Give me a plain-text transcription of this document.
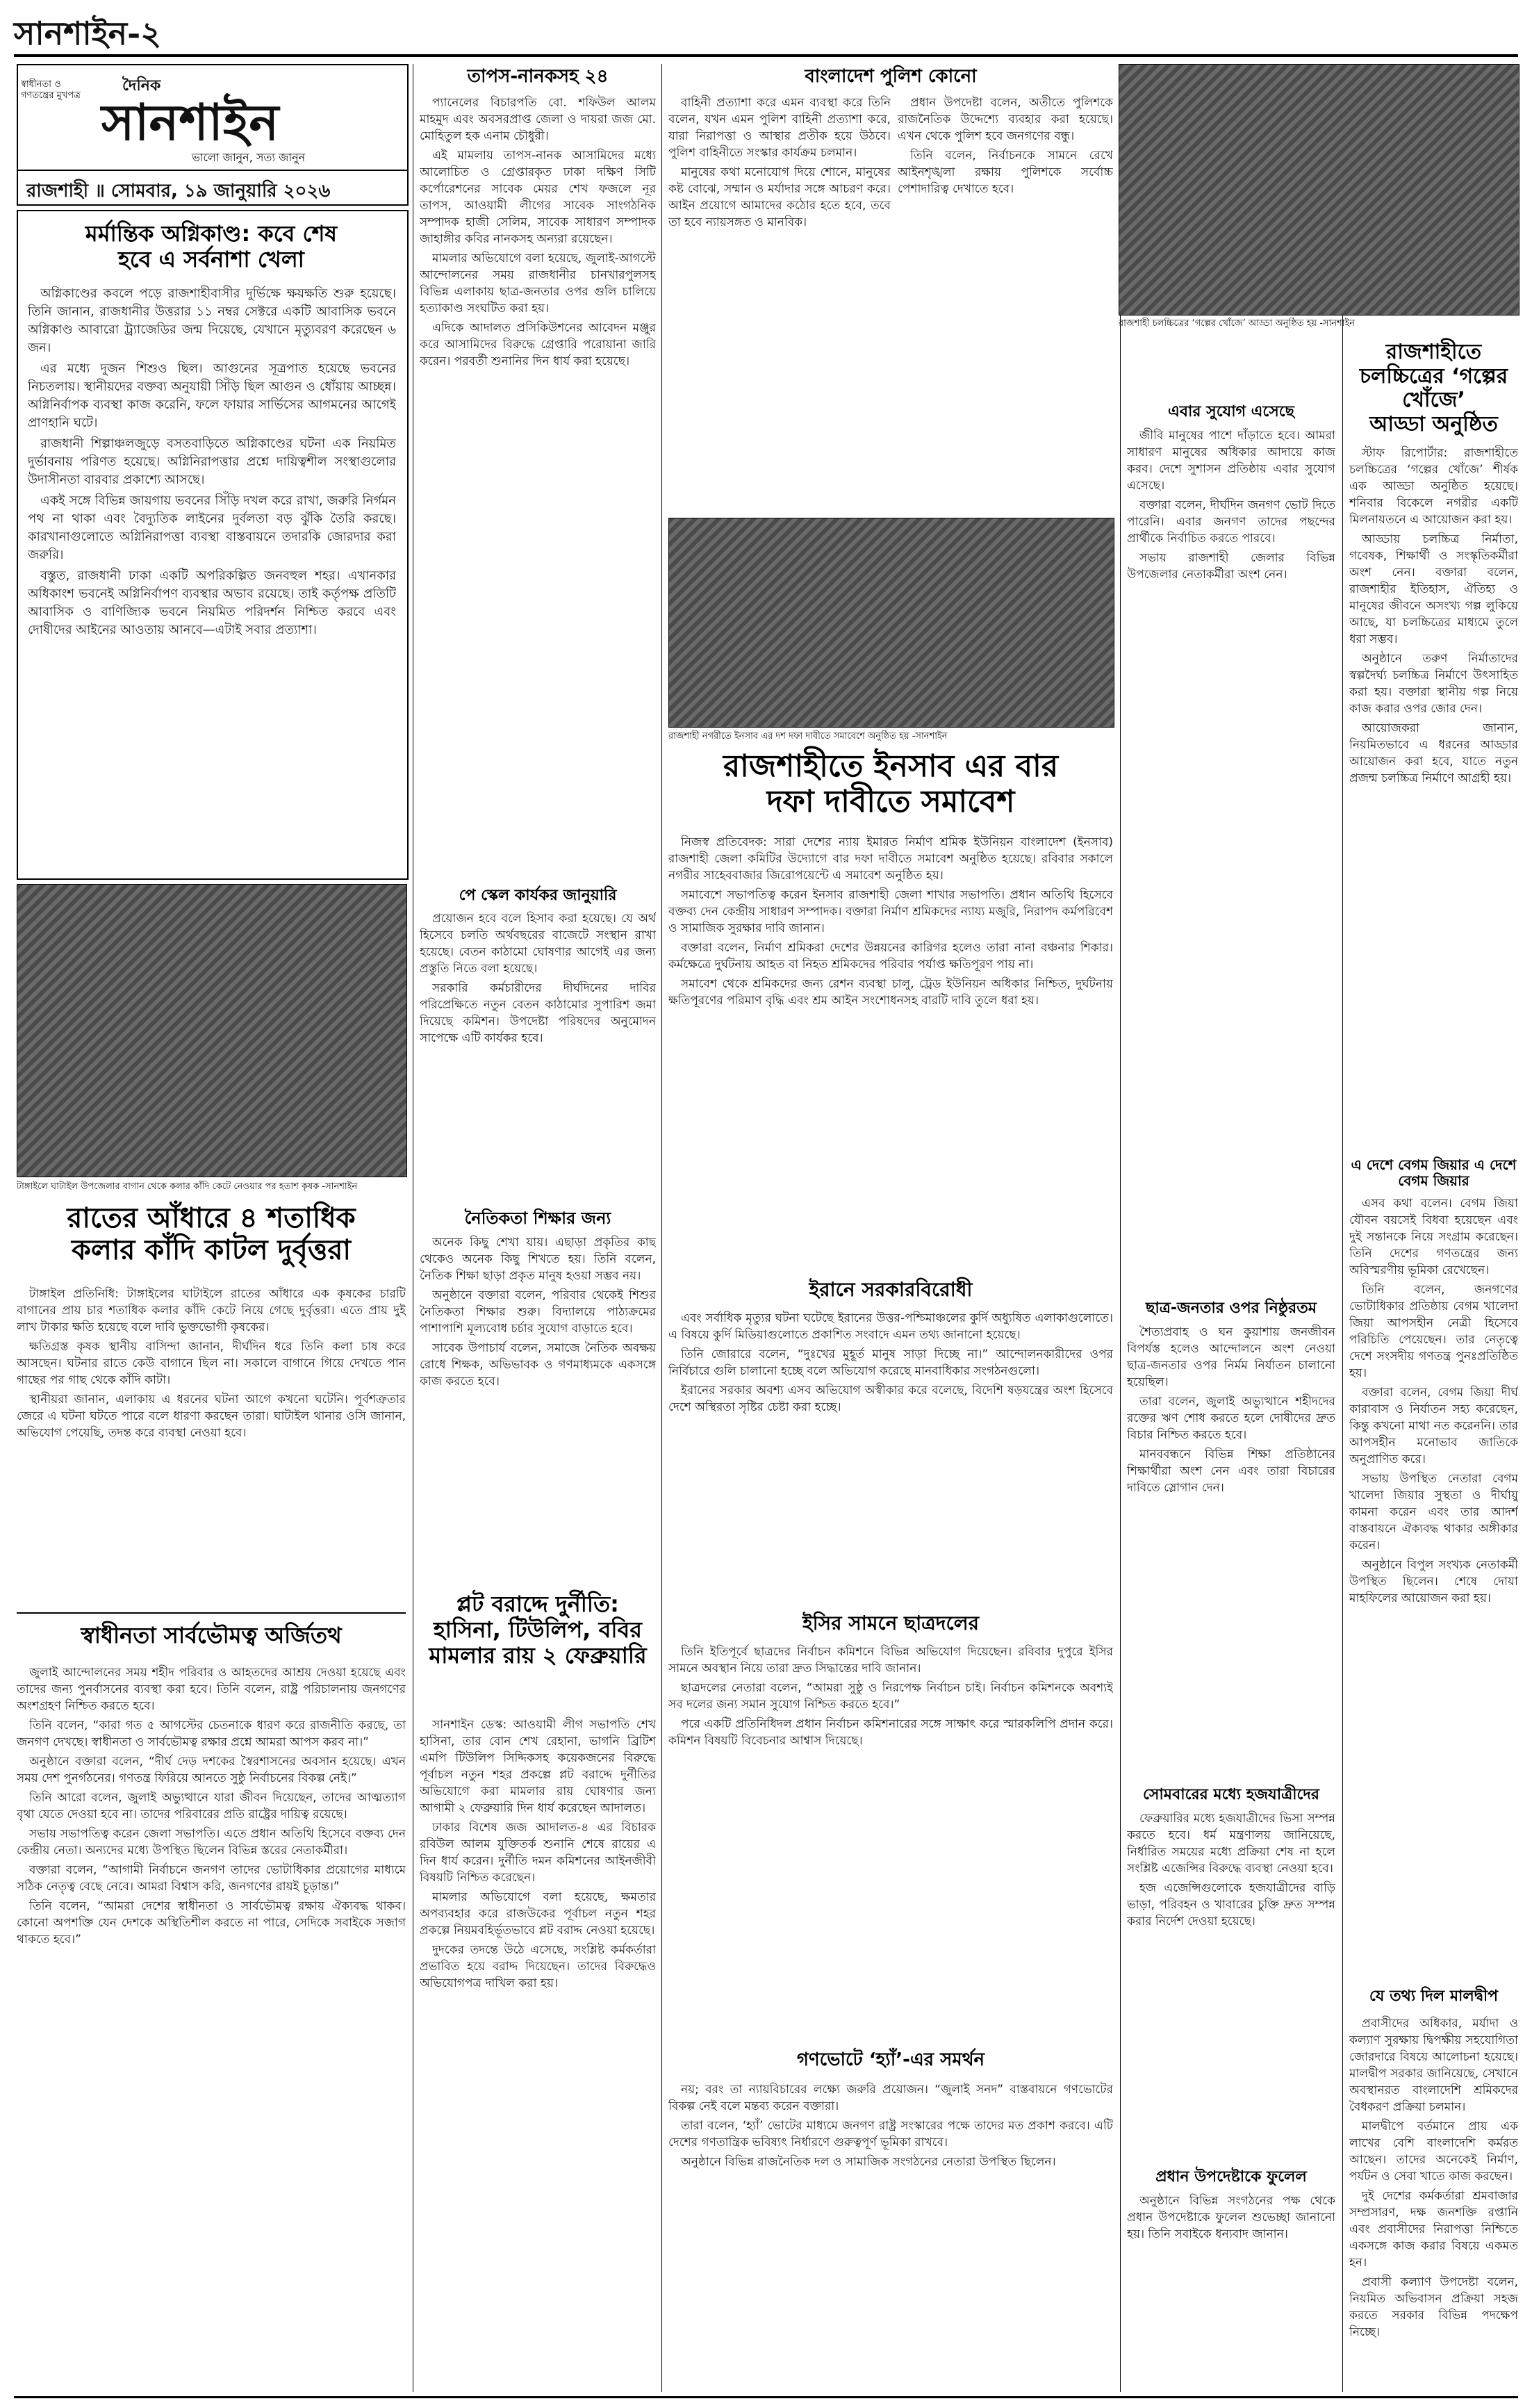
সানশাইন-২
স্বাধীনতা ও গণতন্ত্রের মুখপত্র
দৈনিক
সানশাইন
ভালো জানুন, সত্য জানুন
রাজশাহী ॥ সোমবার, ১৯ জানুয়ারি ২০২৬
মর্মান্তিক অগ্নিকাণ্ড: কবে শেষ
হবে এ সর্বনাশা খেলা

অগ্নিকাণ্ডের কবলে পড়ে রাজশাহীবাসীর দুর্ভিক্ষে ক্ষয়ক্ষতি শুরু হয়েছে। তিনি জানান, রাজধানীর উত্তরার ১১ নম্বর সেক্টরে একটি আবাসিক ভবনে অগ্নিকাণ্ড আবারো ট্র্যাজেডির জন্ম দিয়েছে, যেখানে মৃত্যুবরণ করেছেন ৬ জন।

এর মধ্যে দুজন শিশুও ছিল। আগুনের সূত্রপাত হয়েছে ভবনের নিচতলায়। স্থানীয়দের বক্তব্য অনুযায়ী সিঁড়ি ছিল আগুন ও ধোঁয়ায় আচ্ছন্ন। অগ্নিনির্বাপক ব্যবস্থা কাজ করেনি, ফলে ফায়ার সার্ভিসের আগমনের আগেই প্রাণহানি ঘটে।

রাজধানী শিল্পাঞ্চলজুড়ে বসতবাড়িতে অগ্নিকাণ্ডের ঘটনা এক নিয়মিত দুর্ভাবনায় পরিণত হয়েছে। অগ্নিনিরাপত্তার প্রশ্নে দায়িত্বশীল সংস্থাগুলোর উদাসীনতা বারবার প্রকাশ্যে আসছে।

একই সঙ্গে বিভিন্ন জায়গায় ভবনের সিঁড়ি দখল করে রাখা, জরুরি নির্গমন পথ না থাকা এবং বৈদ্যুতিক লাইনের দুর্বলতা বড় ঝুঁকি তৈরি করছে। কারখানাগুলোতে অগ্নিনিরাপত্তা ব্যবস্থা বাস্তবায়নে তদারকি জোরদার করা জরুরি।

বস্তুত, রাজধানী ঢাকা একটি অপরিকল্পিত জনবহুল শহর। এখানকার অধিকাংশ ভবনেই অগ্নিনির্বাপণ ব্যবস্থার অভাব রয়েছে। তাই কর্তৃপক্ষ প্রতিটি আবাসিক ও বাণিজ্যিক ভবনে নিয়মিত পরিদর্শন নিশ্চিত করবে এবং দোষীদের আইনের আওতায় আনবে—এটাই সবার প্রত্যাশা।

টাঙ্গাইলে ঘাটাইল উপজেলার বাগান থেকে কলার কাঁদি কেটে নেওয়ার পর হতাশ কৃষক -সানশাইন
রাতের আঁধারে ৪ শতাধিক
কলার কাঁদি কাটল দুর্বৃত্তরা

টাঙ্গাইল প্রতিনিধি: টাঙ্গাইলের ঘাটাইলে রাতের আঁধারে এক কৃষকের চারটি বাগানের প্রায় চার শতাধিক কলার কাঁদি কেটে নিয়ে গেছে দুর্বৃত্তরা। এতে প্রায় দুই লাখ টাকার ক্ষতি হয়েছে বলে দাবি ভুক্তভোগী কৃষকের।

ক্ষতিগ্রস্ত কৃষক স্থানীয় বাসিন্দা জানান, দীর্ঘদিন ধরে তিনি কলা চাষ করে আসছেন। ঘটনার রাতে কেউ বাগানে ছিল না। সকালে বাগানে গিয়ে দেখতে পান গাছের পর গাছ থেকে কাঁদি কাটা।

স্থানীয়রা জানান, এলাকায় এ ধরনের ঘটনা আগে কখনো ঘটেনি। পূর্বশত্রুতার জেরে এ ঘটনা ঘটতে পারে বলে ধারণা করছেন তারা। ঘাটাইল থানার ওসি জানান, অভিযোগ পেয়েছি, তদন্ত করে ব্যবস্থা নেওয়া হবে।

স্বাধীনতা সার্বভৌমত্ব অর্জিতথ

জুলাই আন্দোলনের সময় শহীদ পরিবার ও আহতদের আশ্রয় দেওয়া হয়েছে এবং তাদের জন্য পুনর্বাসনের ব্যবস্থা করা হবে। তিনি বলেন, রাষ্ট্র পরিচালনায় জনগণের অংশগ্রহণ নিশ্চিত করতে হবে।

তিনি বলেন, “কারা গত ৫ আগস্টের চেতনাকে ধারণ করে রাজনীতি করছে, তা জনগণ দেখছে। স্বাধীনতা ও সার্বভৌমত্ব রক্ষার প্রশ্নে আমরা আপস করব না।”

অনুষ্ঠানে বক্তারা বলেন, “দীর্ঘ দেড় দশকের স্বৈরশাসনের অবসান হয়েছে। এখন সময় দেশ পুনর্গঠনের। গণতন্ত্র ফিরিয়ে আনতে সুষ্ঠু নির্বাচনের বিকল্প নেই।”

তিনি আরো বলেন, জুলাই অভ্যুত্থানে যারা জীবন দিয়েছেন, তাদের আত্মত্যাগ বৃথা যেতে দেওয়া হবে না। তাদের পরিবারের প্রতি রাষ্ট্রের দায়িত্ব রয়েছে।

সভায় সভাপতিত্ব করেন জেলা সভাপতি। এতে প্রধান অতিথি হিসেবে বক্তব্য দেন কেন্দ্রীয় নেতা। অন্যদের মধ্যে উপস্থিত ছিলেন বিভিন্ন স্তরের নেতাকর্মীরা।

বক্তারা বলেন, “আগামী নির্বাচনে জনগণ তাদের ভোটাধিকার প্রয়োগের মাধ্যমে সঠিক নেতৃত্ব বেছে নেবে। আমরা বিশ্বাস করি, জনগণের রায়ই চূড়ান্ত।”

তিনি বলেন, “আমরা দেশের স্বাধীনতা ও সার্বভৌমত্ব রক্ষায় ঐক্যবদ্ধ থাকব। কোনো অপশক্তি যেন দেশকে অস্থিতিশীল করতে না পারে, সেদিকে সবাইকে সজাগ থাকতে হবে।”

তাপস-নানকসহ ২৪

প্যানেলের বিচারপতি বো. শফিউল আলম মাহমুদ এবং অবসরপ্রাপ্ত জেলা ও দায়রা জজ মো. মোহিতুল হক এনাম চৌধুরী।

এই মামলায় তাপস-নানক আসামিদের মধ্যে আলোচিত ও গ্রেপ্তারকৃত ঢাকা দক্ষিণ সিটি কর্পোরেশনের সাবেক মেয়র শেখ ফজলে নূর তাপস, আওয়ামী লীগের সাবেক সাংগঠনিক সম্পাদক হাজী সেলিম, সাবেক সাধারণ সম্পাদক জাহাঙ্গীর কবির নানকসহ অন্যরা রয়েছেন।

মামলার অভিযোগে বলা হয়েছে, জুলাই-আগস্টে আন্দোলনের সময় রাজধানীর চানখারপুলসহ বিভিন্ন এলাকায় ছাত্র-জনতার ওপর গুলি চালিয়ে হত্যাকাণ্ড সংঘটিত করা হয়।

এদিকে আদালত প্রসিকিউশনের আবেদন মঞ্জুর করে আসামিদের বিরুদ্ধে গ্রেপ্তারি পরোয়ানা জারি করেন। পরবর্তী শুনানির দিন ধার্য করা হয়েছে।

পে স্কেল কার্যকর জানুয়ারি

প্রয়োজন হবে বলে হিসাব করা হয়েছে। যে অর্থ হিসেবে চলতি অর্থবছরের বাজেটে সংস্থান রাখা হয়েছে। বেতন কাঠামো ঘোষণার আগেই এর জন্য প্রস্তুতি নিতে বলা হয়েছে।

সরকারি কর্মচারীদের দীর্ঘদিনের দাবির পরিপ্রেক্ষিতে নতুন বেতন কাঠামোর সুপারিশ জমা দিয়েছে কমিশন। উপদেষ্টা পরিষদের অনুমোদন সাপেক্ষে এটি কার্যকর হবে।

নৈতিকতা শিক্ষার জন্য

অনেক কিছু শেখা যায়। এছাড়া প্রকৃতির কাছ থেকেও অনেক কিছু শিখতে হয়। তিনি বলেন, নৈতিক শিক্ষা ছাড়া প্রকৃত মানুষ হওয়া সম্ভব নয়।

অনুষ্ঠানে বক্তারা বলেন, পরিবার থেকেই শিশুর নৈতিকতা শিক্ষার শুরু। বিদ্যালয়ে পাঠ্যক্রমের পাশাপাশি মূল্যবোধ চর্চার সুযোগ বাড়াতে হবে।

সাবেক উপাচার্য বলেন, সমাজে নৈতিক অবক্ষয় রোধে শিক্ষক, অভিভাবক ও গণমাধ্যমকে একসঙ্গে কাজ করতে হবে।

প্লট বরাদ্দে দুর্নীতি: হাসিনা, টিউলিপ, ববির মামলার রায় ২ ফেব্রুয়ারি

সানশাইন ডেস্ক: আওয়ামী লীগ সভাপতি শেখ হাসিনা, তার বোন শেখ রেহানা, ভাগনি ব্রিটিশ এমপি টিউলিপ সিদ্দিকসহ কয়েকজনের বিরুদ্ধে পূর্বাচল নতুন শহর প্রকল্পে প্লট বরাদ্দে দুর্নীতির অভিযোগে করা মামলার রায় ঘোষণার জন্য আগামী ২ ফেব্রুয়ারি দিন ধার্য করেছেন আদালত।

ঢাকার বিশেষ জজ আদালত-৪ এর বিচারক রবিউল আলম যুক্তিতর্ক শুনানি শেষে রায়ের এ দিন ধার্য করেন। দুর্নীতি দমন কমিশনের আইনজীবী বিষয়টি নিশ্চিত করেছেন।

মামলার অভিযোগে বলা হয়েছে, ক্ষমতার অপব্যবহার করে রাজউকের পূর্বাচল নতুন শহর প্রকল্পে নিয়মবহির্ভূতভাবে প্লট বরাদ্দ নেওয়া হয়েছে।

দুদকের তদন্তে উঠে এসেছে, সংশ্লিষ্ট কর্মকর্তারা প্রভাবিত হয়ে বরাদ্দ দিয়েছেন। তাদের বিরুদ্ধেও অভিযোগপত্র দাখিল করা হয়।

বাংলাদেশ পুলিশ কোনো

বাহিনী প্রত্যাশা করে এমন ব্যবস্থা করে তিনি বলেন, যখন এমন পুলিশ বাহিনী প্রত্যাশা করে, যারা নিরাপত্তা ও আস্থার প্রতীক হয়ে উঠবে। পুলিশ বাহিনীতে সংস্কার কার্যক্রম চলমান।

মানুষের কথা মনোযোগ দিয়ে শোনে, মানুষের কষ্ট বোঝে, সম্মান ও মর্যাদার সঙ্গে আচরণ করে। আইন প্রয়োগে আমাদের কঠোর হতে হবে, তবে তা হবে ন্যায়সঙ্গত ও মানবিক।

প্রধান উপদেষ্টা বলেন, অতীতে পুলিশকে রাজনৈতিক উদ্দেশ্যে ব্যবহার করা হয়েছে। এখন থেকে পুলিশ হবে জনগণের বন্ধু।

তিনি বলেন, নির্বাচনকে সামনে রেখে আইনশৃঙ্খলা রক্ষায় পুলিশকে সর্বোচ্চ পেশাদারিত্ব দেখাতে হবে।

রাজশাহী নগরীতে ইনসাব এর দশ দফা দাবীতে সমাবেশে অনুষ্ঠিত হয় -সানশাইন
রাজশাহীতে ইনসাব এর বার
দফা দাবীতে সমাবেশ

নিজস্ব প্রতিবেদক: সারা দেশের ন্যায় ইমারত নির্মাণ শ্রমিক ইউনিয়ন বাংলাদেশ (ইনসাব) রাজশাহী জেলা কমিটির উদ্যোগে বার দফা দাবীতে সমাবেশ অনুষ্ঠিত হয়েছে। রবিবার সকালে নগরীর সাহেববাজার জিরোপয়েন্টে এ সমাবেশ অনুষ্ঠিত হয়।

সমাবেশে সভাপতিত্ব করেন ইনসাব রাজশাহী জেলা শাখার সভাপতি। প্রধান অতিথি হিসেবে বক্তব্য দেন কেন্দ্রীয় সাধারণ সম্পাদক। বক্তারা নির্মাণ শ্রমিকদের ন্যায্য মজুরি, নিরাপদ কর্মপরিবেশ ও সামাজিক সুরক্ষার দাবি জানান।

বক্তারা বলেন, নির্মাণ শ্রমিকরা দেশের উন্নয়নের কারিগর হলেও তারা নানা বঞ্চনার শিকার। কর্মক্ষেত্রে দুর্ঘটনায় আহত বা নিহত শ্রমিকদের পরিবার পর্যাপ্ত ক্ষতিপূরণ পায় না।

সমাবেশ থেকে শ্রমিকদের জন্য রেশন ব্যবস্থা চালু, ট্রেড ইউনিয়ন অধিকার নিশ্চিত, দুর্ঘটনায় ক্ষতিপূরণের পরিমাণ বৃদ্ধি এবং শ্রম আইন সংশোধনসহ বারটি দাবি তুলে ধরা হয়।

ইরানে সরকারবিরোধী

এবং সর্বাধিক মৃত্যুর ঘটনা ঘটেছে ইরানের উত্তর-পশ্চিমাঞ্চলের কুর্দি অধ্যুষিত এলাকাগুলোতে। এ বিষয়ে কুর্দি মিডিয়াগুলোতে প্রকাশিত সংবাদে এমন তথ্য জানানো হয়েছে।

তিনি জোরারে বলেন, “দুঃখের মুহূর্ত মানুষ সাড়া দিচ্ছে না।” আন্দোলনকারীদের ওপর নির্বিচারে গুলি চালানো হচ্ছে বলে অভিযোগ করেছে মানবাধিকার সংগঠনগুলো।

ইরানের সরকার অবশ্য এসব অভিযোগ অস্বীকার করে বলেছে, বিদেশি ষড়যন্ত্রের অংশ হিসেবে দেশে অস্থিরতা সৃষ্টির চেষ্টা করা হচ্ছে।

ইসির সামনে ছাত্রদলের

তিনি ইতিপূর্বে ছাত্রদের নির্বাচন কমিশনে বিভিন্ন অভিযোগ দিয়েছেন। রবিবার দুপুরে ইসির সামনে অবস্থান নিয়ে তারা দ্রুত সিদ্ধান্তের দাবি জানান।

ছাত্রদলের নেতারা বলেন, “আমরা সুষ্ঠু ও নিরপেক্ষ নির্বাচন চাই। নির্বাচন কমিশনকে অবশ্যই সব দলের জন্য সমান সুযোগ নিশ্চিত করতে হবে।”

পরে একটি প্রতিনিধিদল প্রধান নির্বাচন কমিশনারের সঙ্গে সাক্ষাৎ করে স্মারকলিপি প্রদান করে। কমিশন বিষয়টি বিবেচনার আশ্বাস দিয়েছে।

গণভোটে ‘হ্যাঁ’-এর সমর্থন

নয়; বরং তা ন্যায়বিচারের লক্ষ্যে জরুরি প্রয়োজন। “জুলাই সনদ” বাস্তবায়নে গণভোটের বিকল্প নেই বলে মন্তব্য করেন বক্তারা।

তারা বলেন, ‘হ্যাঁ’ ভোটের মাধ্যমে জনগণ রাষ্ট্র সংস্কারের পক্ষে তাদের মত প্রকাশ করবে। এটি দেশের গণতান্ত্রিক ভবিষ্যৎ নির্ধারণে গুরুত্বপূর্ণ ভূমিকা রাখবে।

অনুষ্ঠানে বিভিন্ন রাজনৈতিক দল ও সামাজিক সংগঠনের নেতারা উপস্থিত ছিলেন।

এবার সুযোগ এসেছে

জীবি মানুষের পাশে দাঁড়াতে হবে। আমরা সাধারণ মানুষের অধিকার আদায়ে কাজ করব। দেশে সুশাসন প্রতিষ্ঠায় এবার সুযোগ এসেছে।

বক্তারা বলেন, দীর্ঘদিন জনগণ ভোট দিতে পারেনি। এবার জনগণ তাদের পছন্দের প্রার্থীকে নির্বাচিত করতে পারবে।

সভায় রাজশাহী জেলার বিভিন্ন উপজেলার নেতাকর্মীরা অংশ নেন।

ছাত্র-জনতার ওপর নিষ্ঠুরতম

শৈত্যপ্রবাহ ও ঘন কুয়াশায় জনজীবন বিপর্যস্ত হলেও আন্দোলনে অংশ নেওয়া ছাত্র-জনতার ওপর নির্মম নির্যাতন চালানো হয়েছিল।

তারা বলেন, জুলাই অভ্যুত্থানে শহীদদের রক্তের ঋণ শোধ করতে হলে দোষীদের দ্রুত বিচার নিশ্চিত করতে হবে।

মানববন্ধনে বিভিন্ন শিক্ষা প্রতিষ্ঠানের শিক্ষার্থীরা অংশ নেন এবং তারা বিচারের দাবিতে স্লোগান দেন।

সোমবারের মধ্যে হজযাত্রীদের

ফেব্রুয়ারির মধ্যে হজযাত্রীদের ভিসা সম্পন্ন করতে হবে। ধর্ম মন্ত্রণালয় জানিয়েছে, নির্ধারিত সময়ের মধ্যে প্রক্রিয়া শেষ না হলে সংশ্লিষ্ট এজেন্সির বিরুদ্ধে ব্যবস্থা নেওয়া হবে।

হজ এজেন্সিগুলোকে হজযাত্রীদের বাড়ি ভাড়া, পরিবহন ও খাবারের চুক্তি দ্রুত সম্পন্ন করার নির্দেশ দেওয়া হয়েছে।

প্রধান উপদেষ্টাকে ফুলেল

অনুষ্ঠানে বিভিন্ন সংগঠনের পক্ষ থেকে প্রধান উপদেষ্টাকে ফুলেল শুভেচ্ছা জানানো হয়। তিনি সবাইকে ধন্যবাদ জানান।

রাজশাহী চলচ্চিত্রের ‘গল্পের খোঁজে’ আড্ডা অনুষ্ঠিত হয় -সানশাইন
রাজশাহীতে চলচ্চিত্রের ‘গল্পের খোঁজে’
আড্ডা অনুষ্ঠিত

স্টাফ রিপোর্টার: রাজশাহীতে চলচ্চিত্রের ‘গল্পের খোঁজে’ শীর্ষক এক আড্ডা অনুষ্ঠিত হয়েছে। শনিবার বিকেলে নগরীর একটি মিলনায়তনে এ আয়োজন করা হয়।

আড্ডায় চলচ্চিত্র নির্মাতা, গবেষক, শিক্ষার্থী ও সংস্কৃতিকর্মীরা অংশ নেন। বক্তারা বলেন, রাজশাহীর ইতিহাস, ঐতিহ্য ও মানুষের জীবনে অসংখ্য গল্প লুকিয়ে আছে, যা চলচ্চিত্রের মাধ্যমে তুলে ধরা সম্ভব।

অনুষ্ঠানে তরুণ নির্মাতাদের স্বল্পদৈর্ঘ্য চলচ্চিত্র নির্মাণে উৎসাহিত করা হয়। বক্তারা স্থানীয় গল্প নিয়ে কাজ করার ওপর জোর দেন।

আয়োজকরা জানান, নিয়মিতভাবে এ ধরনের আড্ডার আয়োজন করা হবে, যাতে নতুন প্রজন্ম চলচ্চিত্র নির্মাণে আগ্রহী হয়।

এ দেশে বেগম জিয়ার এ দেশে বেগম জিয়ার

এসব কথা বলেন। বেগম জিয়া যৌবন বয়সেই বিধবা হয়েছেন এবং দুই সন্তানকে নিয়ে সংগ্রাম করেছেন। তিনি দেশের গণতন্ত্রের জন্য অবিস্মরণীয় ভূমিকা রেখেছেন।

তিনি বলেন, জনগণের ভোটাধিকার প্রতিষ্ঠায় বেগম খালেদা জিয়া আপসহীন নেত্রী হিসেবে পরিচিতি পেয়েছেন। তার নেতৃত্বে দেশে সংসদীয় গণতন্ত্র পুনঃপ্রতিষ্ঠিত হয়।

বক্তারা বলেন, বেগম জিয়া দীর্ঘ কারাবাস ও নির্যাতন সহ্য করেছেন, কিন্তু কখনো মাথা নত করেননি। তার আপসহীন মনোভাব জাতিকে অনুপ্রাণিত করে।

সভায় উপস্থিত নেতারা বেগম খালেদা জিয়ার সুস্থতা ও দীর্ঘায়ু কামনা করেন এবং তার আদর্শ বাস্তবায়নে ঐক্যবদ্ধ থাকার অঙ্গীকার করেন।

অনুষ্ঠানে বিপুল সংখ্যক নেতাকর্মী উপস্থিত ছিলেন। শেষে দোয়া মাহফিলের আয়োজন করা হয়।

যে তথ্য দিল মালদ্বীপ

প্রবাসীদের অধিকার, মর্যাদা ও কল্যাণ সুরক্ষায় দ্বিপক্ষীয় সহযোগিতা জোরদারে বিষয়ে আলোচনা হয়েছে। মালদ্বীপ সরকার জানিয়েছে, সেখানে অবস্থানরত বাংলাদেশি শ্রমিকদের বৈধকরণ প্রক্রিয়া চলমান।

মালদ্বীপে বর্তমানে প্রায় এক লাখের বেশি বাংলাদেশি কর্মরত আছেন। তাদের অনেকেই নির্মাণ, পর্যটন ও সেবা খাতে কাজ করছেন।

দুই দেশের কর্মকর্তারা শ্রমবাজার সম্প্রসারণ, দক্ষ জনশক্তি রপ্তানি এবং প্রবাসীদের নিরাপত্তা নিশ্চিতে একসঙ্গে কাজ করার বিষয়ে একমত হন।

প্রবাসী কল্যাণ উপদেষ্টা বলেন, নিয়মিত অভিবাসন প্রক্রিয়া সহজ করতে সরকার বিভিন্ন পদক্ষেপ নিচ্ছে।
